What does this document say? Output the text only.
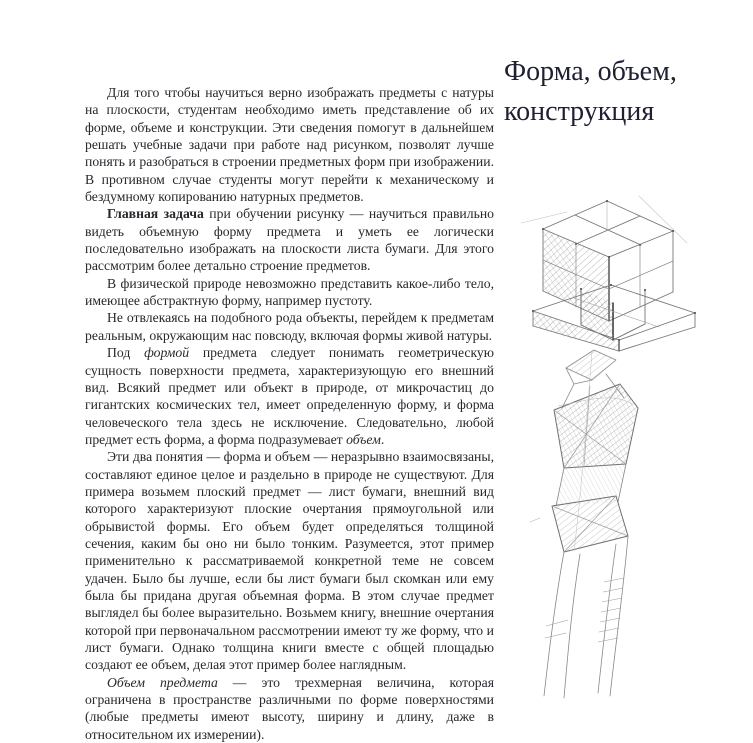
Для того чтобы научиться верно изображать предметы с натуры на плоскости, студентам необходимо иметь представление об их форме, объеме и конструкции. Эти сведения помогут в дальнейшем решать учебные задачи при работе над рисунком, позволят лучше понять и разобраться в строении предметных форм при изображении. В противном случае студенты могут перейти к механическому и бездумному копированию натурных предметов.

Главная задача при обучении рисунку — научиться правильно видеть объемную форму предмета и уметь ее логически последовательно изображать на плоскости листа бумаги. Для этого рассмотрим более детально строение предметов.

В физической природе невозможно представить какое-либо тело, имеющее абстрактную форму, например пустоту.

Не отвлекаясь на подобного рода объекты, перейдем к предметам реальным, окружающим нас повсюду, включая формы живой натуры.

Под формой предмета следует понимать геометрическую сущность поверхности предмета, характеризующую его внешний вид. Всякий предмет или объект в природе, от микрочастиц до гигантских космических тел, имеет определенную форму, и форма человеческого тела здесь не исключение. Следовательно, любой предмет есть форма, а форма подразумевает объем.

Эти два понятия — форма и объем — неразрывно взаимосвязаны, составляют единое целое и раздельно в природе не существуют. Для примера возьмем плоский предмет — лист бумаги, внешний вид которого характеризуют плоские очертания прямоугольной или обрывистой формы. Его объем будет определяться толщиной сечения, каким бы оно ни было тонким. Разумеется, этот пример применительно к рассматриваемой конкретной теме не совсем удачен. Было бы лучше, если бы лист бумаги был скомкан или ему была бы придана другая объемная форма. В этом случае предмет выглядел бы более выразительно. Возьмем книгу, внешние очертания которой при первоначальном рассмотрении имеют ту же форму, что и лист бумаги. Однако толщина книги вместе с общей площадью создают ее объем, делая этот пример более наглядным.

Объем предмета — это трехмерная величина, которая ограничена в пространстве различными по форме поверхностями (любые предметы имеют высоту, ширину и длину, даже в относительном их измерении).

Форма, объем, конструкция
